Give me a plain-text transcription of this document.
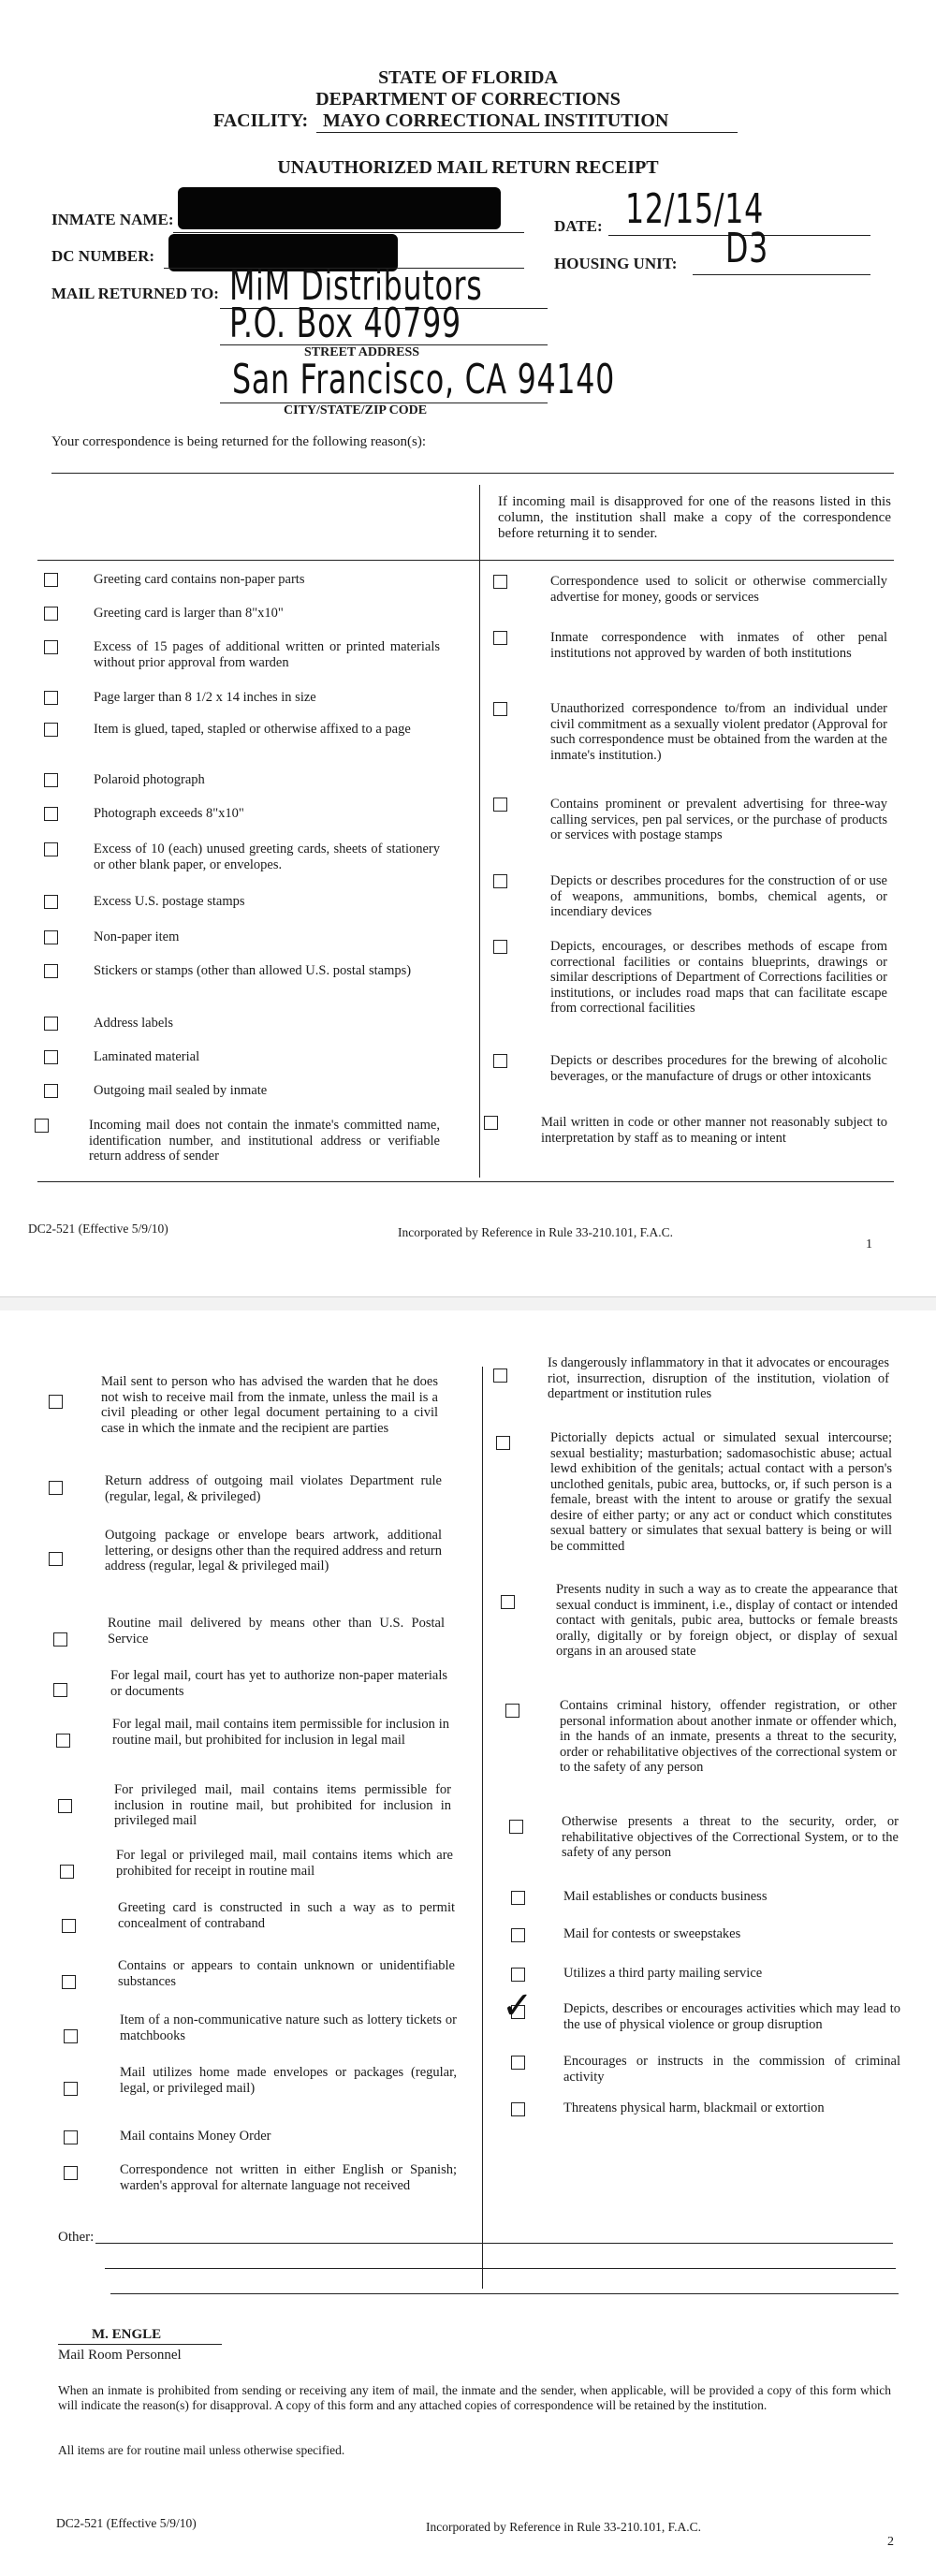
STATE OF FLORIDA
DEPARTMENT OF CORRECTIONS
FACILITY: MAYO CORRECTIONAL INSTITUTION
UNAUTHORIZED MAIL RETURN RECEIPT
INMATE NAME:	DATE: 12/15/14
DC NUMBER:	HOUSING UNIT: D3
MAIL RETURNED TO: MiM Distributors
P.O. Box 40799
STREET ADDRESS
San Francisco, CA 94140
CITY/STATE/ZIP CODE
Your correspondence is being returned for the following reason(s):
If incoming mail is disapproved for one of the reasons listed in this column, the institution shall make a copy of the correspondence before returning it to sender.
Greeting card contains non-paper parts
Greeting card is larger than 8"x10"
Excess of 15 pages of additional written or printed materials without prior approval from warden
Page larger than 8 1/2 x 14 inches in size
Item is glued, taped, stapled or otherwise affixed to a page
Polaroid photograph
Photograph exceeds 8"x10"
Excess of 10 (each) unused greeting cards, sheets of stationery or other blank paper, or envelopes.
Excess U.S. postage stamps
Non-paper item
Stickers or stamps (other than allowed U.S. postal stamps)
Address labels
Laminated material
Outgoing mail sealed by inmate
Incoming mail does not contain the inmate's committed name, identification number, and institutional address or verifiable return address of sender
Correspondence used to solicit or otherwise commercially advertise for money, goods or services
Inmate correspondence with inmates of other penal institutions not approved by warden of both institutions
Unauthorized correspondence to/from an individual under civil commitment as a sexually violent predator (Approval for such correspondence must be obtained from the warden at the inmate's institution.)
Contains prominent or prevalent advertising for three-way calling services, pen pal services, or the purchase of products or services with postage stamps
Depicts or describes procedures for the construction of or use of weapons, ammunitions, bombs, chemical agents, or incendiary devices
Depicts, encourages, or describes methods of escape from correctional facilities or contains blueprints, drawings or similar descriptions of Department of Corrections facilities or institutions, or includes road maps that can facilitate escape from correctional facilities
Depicts or describes procedures for the brewing of alcoholic beverages, or the manufacture of drugs or other intoxicants
Mail written in code or other manner not reasonably subject to interpretation by staff as to meaning or intent
DC2-521 (Effective 5/9/10)	Incorporated by Reference in Rule 33-210.101, F.A.C.
1
Mail sent to person who has advised the warden that he does not wish to receive mail from the inmate, unless the mail is a civil pleading or other legal document pertaining to a civil case in which the inmate and the recipient are parties
Return address of outgoing mail violates Department rule (regular, legal, & privileged)
Outgoing package or envelope bears artwork, additional lettering, or designs other than the required address and return address (regular, legal & privileged mail)
Routine mail delivered by means other than U.S. Postal Service
For legal mail, court has yet to authorize non-paper materials or documents
For legal mail, mail contains item permissible for inclusion in routine mail, but prohibited for inclusion in legal mail
For privileged mail, mail contains items permissible for inclusion in routine mail, but prohibited for inclusion in privileged mail
For legal or privileged mail, mail contains items which are prohibited for receipt in routine mail
Greeting card is constructed in such a way as to permit concealment of contraband
Contains or appears to contain unknown or unidentifiable substances
Item of a non-communicative nature such as lottery tickets or matchbooks
Mail utilizes home made envelopes or packages (regular, legal, or privileged mail)
Mail contains Money Order
Correspondence not written in either English or Spanish; warden's approval for alternate language not received
Is dangerously inflammatory in that it advocates or encourages riot, insurrection, disruption of the institution, violation of department or institution rules
Pictorially depicts actual or simulated sexual intercourse; sexual bestiality; masturbation; sadomasochistic abuse; actual lewd exhibition of the genitals; actual contact with a person's unclothed genitals, pubic area, buttocks, or, if such person is a female, breast with the intent to arouse or gratify the sexual desire of either party; or any act or conduct which constitutes sexual battery or simulates that sexual battery is being or will be committed
Presents nudity in such a way as to create the appearance that sexual conduct is imminent, i.e., display of contact or intended contact with genitals, pubic area, buttocks or female breasts orally, digitally or by foreign object, or display of sexual organs in an aroused state
Contains criminal history, offender registration, or other personal information about another inmate or offender which, in the hands of an inmate, presents a threat to the security, order or rehabilitative objectives of the correctional system or to the safety of any person
Otherwise presents a threat to the security, order, or rehabilitative objectives of the Correctional System, or to the safety of any person
Mail establishes or conducts business
Mail for contests or sweepstakes
Utilizes a third party mailing service
✓ Depicts, describes or encourages activities which may lead to the use of physical violence or group disruption
Encourages or instructs in the commission of criminal activity
Threatens physical harm, blackmail or extortion
Other:
M. ENGLE
Mail Room Personnel
When an inmate is prohibited from sending or receiving any item of mail, the inmate and the sender, when applicable, will be provided a copy of this form which will indicate the reason(s) for disapproval. A copy of this form and any attached copies of correspondence will be retained by the institution.
All items are for routine mail unless otherwise specified.
DC2-521 (Effective 5/9/10)	Incorporated by Reference in Rule 33-210.101, F.A.C.
2
